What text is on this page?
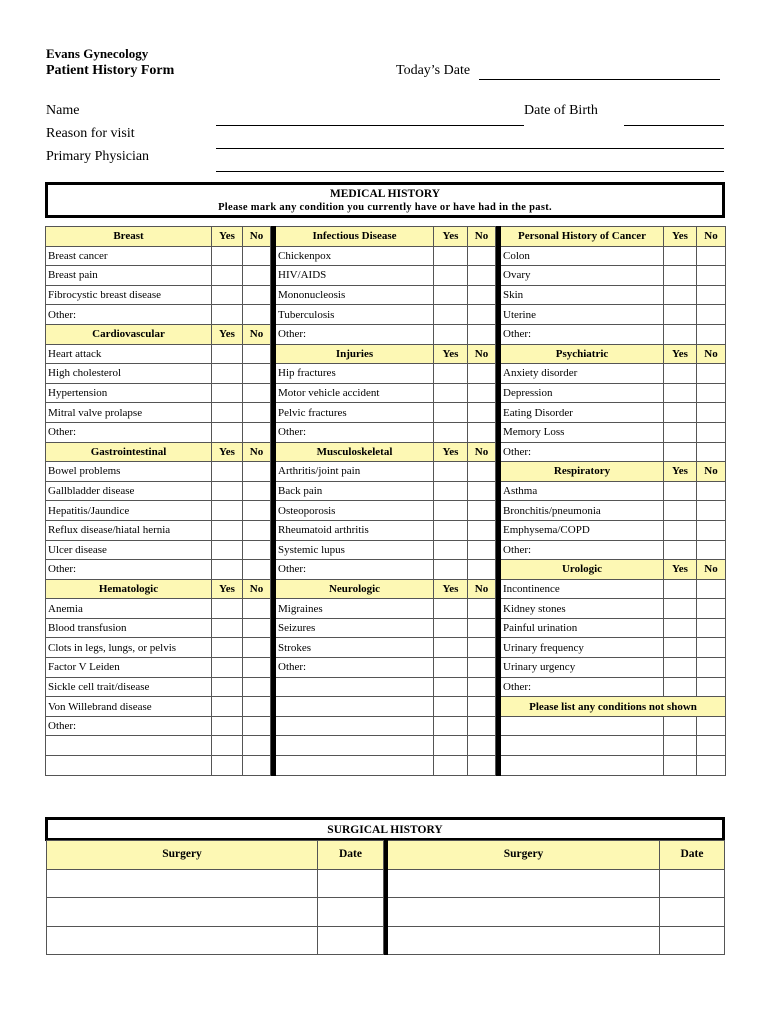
Evans Gynecology
Patient History Form	Today’s Date
Name	Date of Birth
Reason for visit
Primary Physician
MEDICAL HISTORY
Please mark any condition you currently have or have had in the past.
Breast	Yes	No		Infectious Disease	Yes	No		Personal History of Cancer	Yes	No
Breast cancer				Chickenpox				Colon		
Breast pain				HIV/AIDS				Ovary		
Fibrocystic breast disease				Mononucleosis				Skin		
Other:				Tuberculosis				Uterine		
Cardiovascular	Yes	No		Other:				Other:		
Heart attack				Injuries	Yes	No		Psychiatric	Yes	No
High cholesterol				Hip fractures				Anxiety disorder		
Hypertension				Motor vehicle accident				Depression		
Mitral valve prolapse				Pelvic fractures				Eating Disorder		
Other:				Other:				Memory Loss		
Gastrointestinal	Yes	No		Musculoskeletal	Yes	No		Other:		
Bowel problems				Arthritis/joint pain				Respiratory	Yes	No
Gallbladder disease				Back pain				Asthma		
Hepatitis/Jaundice				Osteoporosis				Bronchitis/pneumonia		
Reflux disease/hiatal hernia				Rheumatoid arthritis				Emphysema/COPD		
Ulcer disease				Systemic lupus				Other:		
Other:				Other:				Urologic	Yes	No
Hematologic	Yes	No		Neurologic	Yes	No		Incontinence		
Anemia				Migraines				Kidney stones		
Blood transfusion				Seizures				Painful urination		
Clots in legs, lungs, or pelvis				Strokes				Urinary frequency		
Factor V Leiden				Other:				Urinary urgency		
Sickle cell trait/disease								Other:		
Von Willebrand disease								Please list any conditions not shown		
Other:										

SURGICAL HISTORY
Surgery	Date		Surgery	Date
